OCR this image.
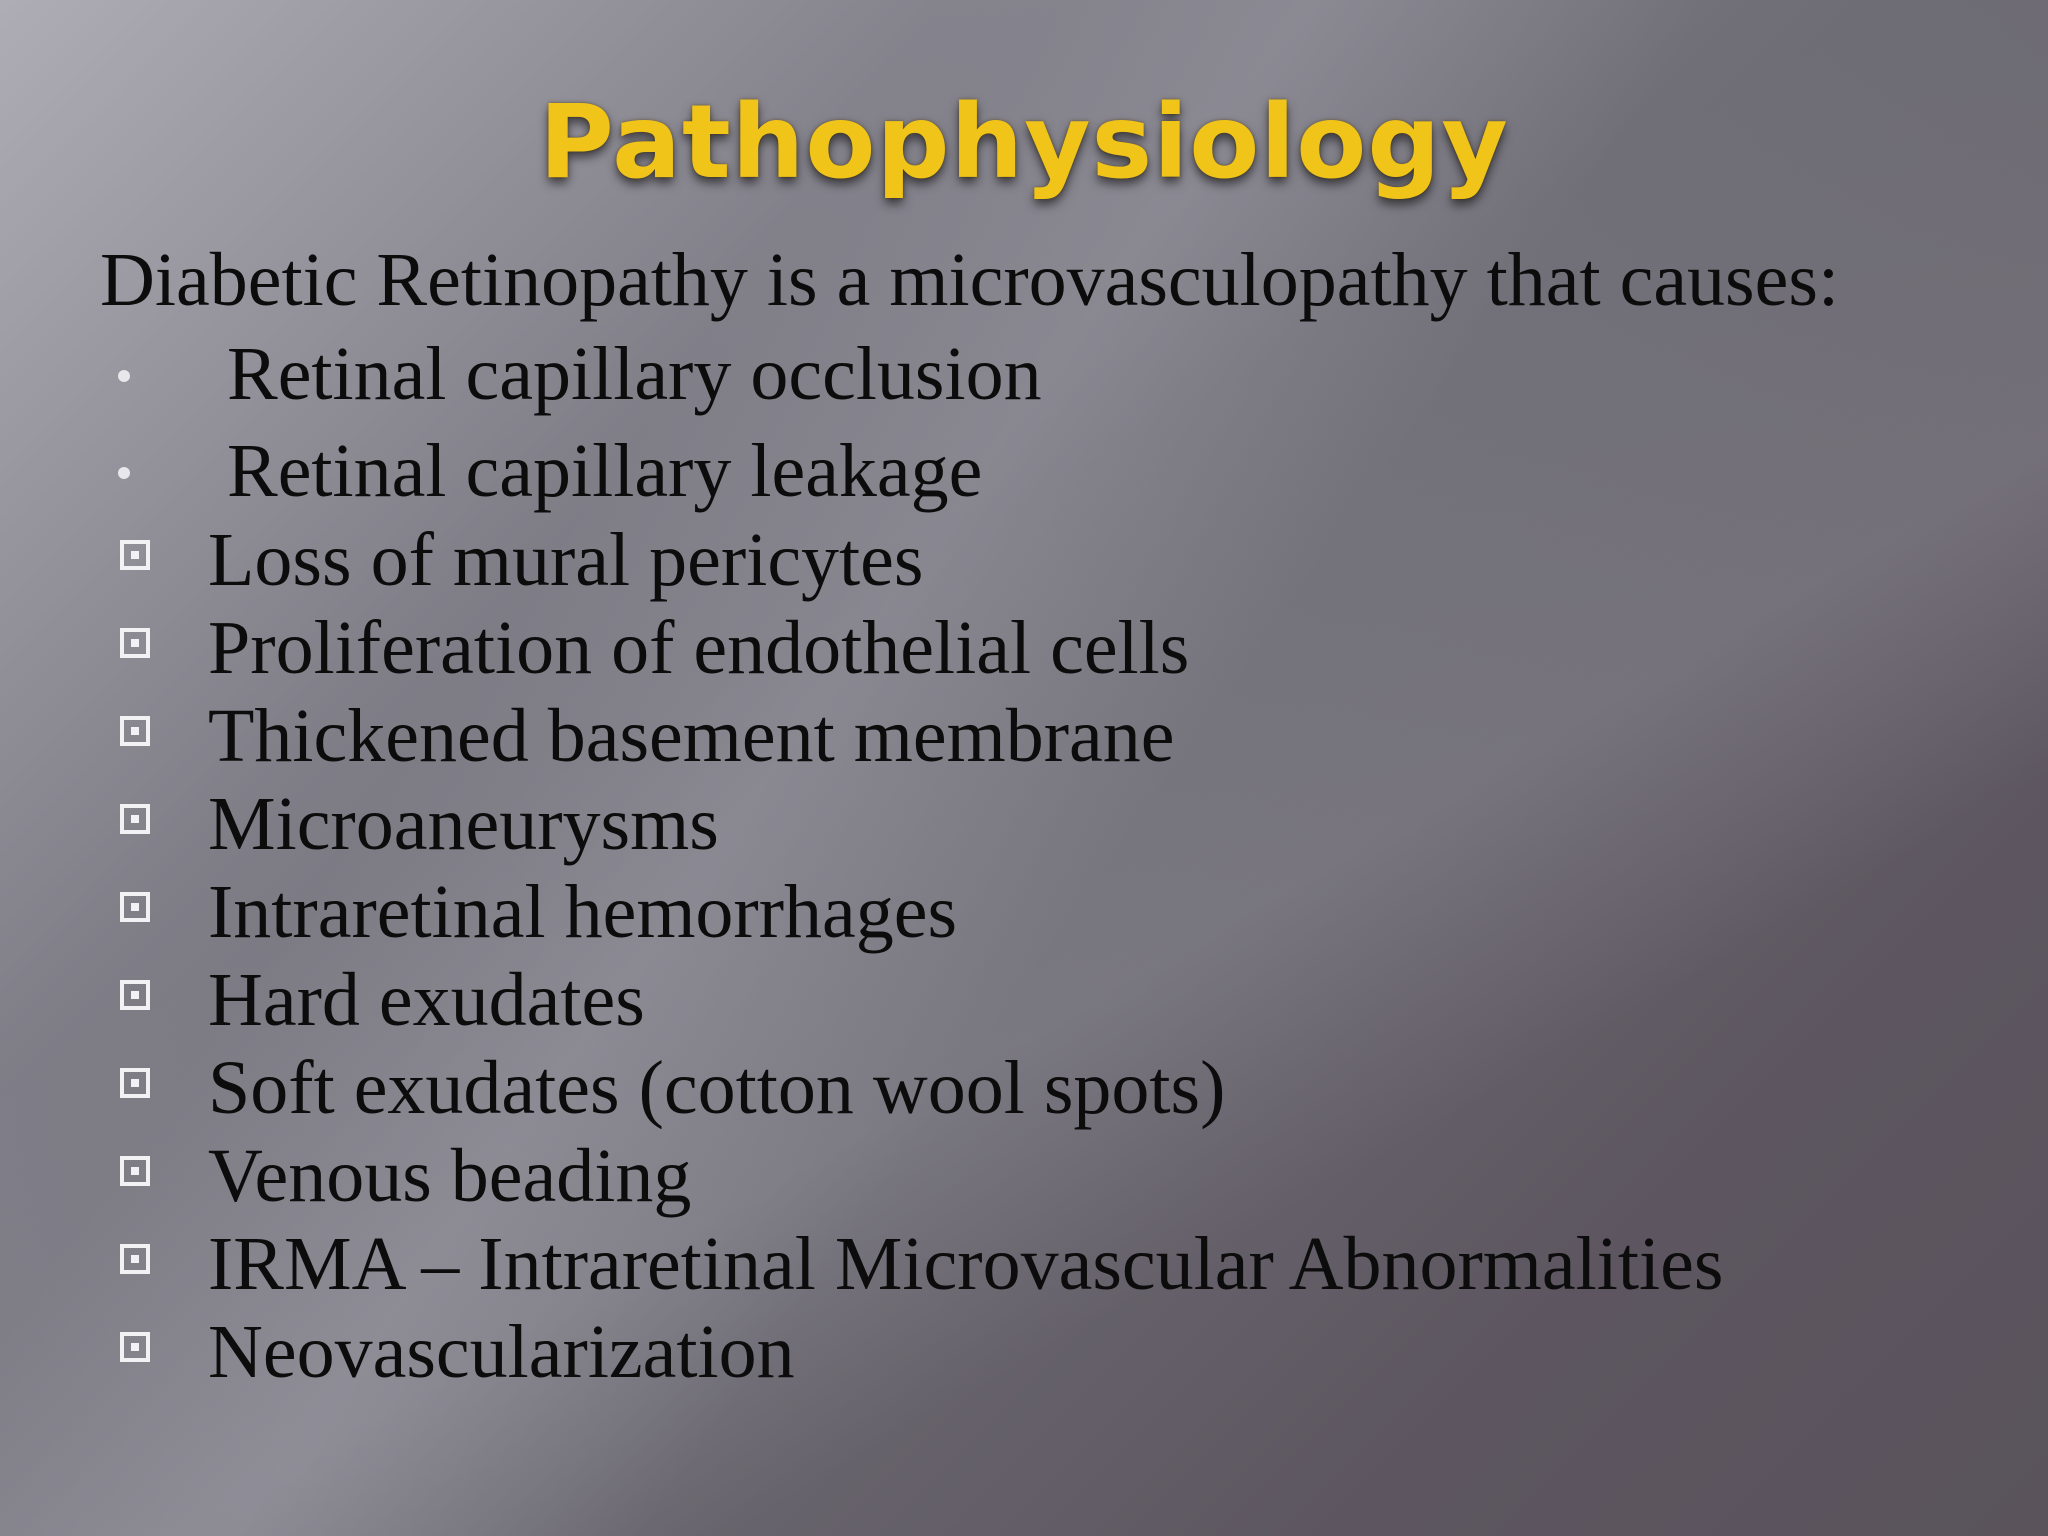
Pathophysiology
Diabetic Retinopathy is a microvasculopathy that causes:
Retinal capillary occlusion
Retinal capillary leakage
Loss of mural pericytes
Proliferation of endothelial cells
Thickened basement membrane
Microaneurysms
Intraretinal hemorrhages
Hard exudates
Soft exudates (cotton wool spots)
Venous beading
IRMA – Intraretinal Microvascular Abnormalities
Neovascularization
